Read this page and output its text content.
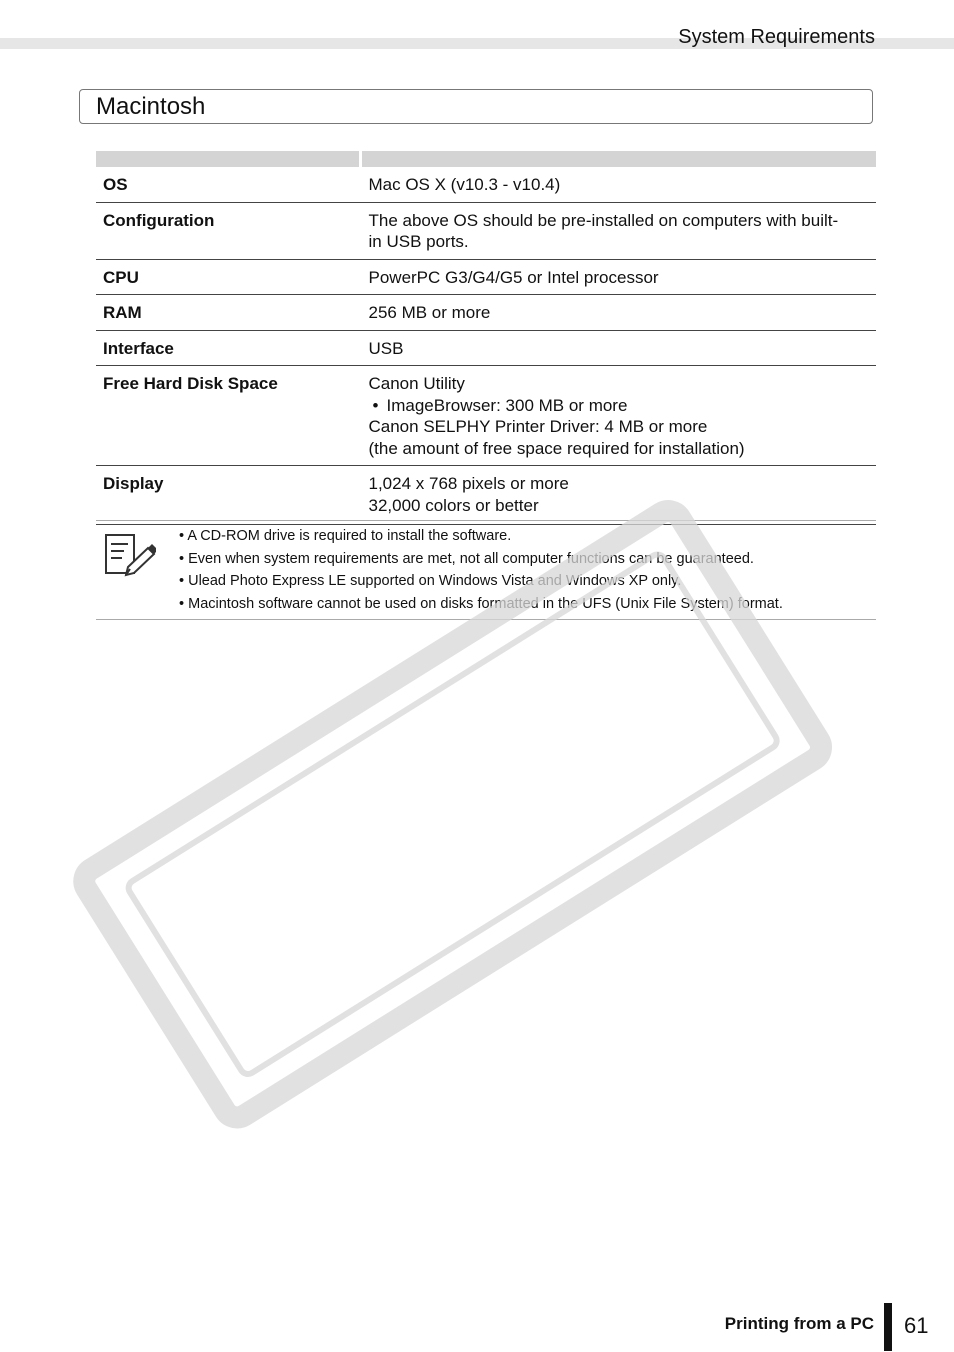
System Requirements
Macintosh

OS	Mac OS X (v10.3 - v10.4)

Configuration	The above OS should be pre-installed on computers with built-
in USB ports.

CPU	PowerPC G3/G4/G5 or Intel processor

RAM	256 MB or more

Interface	USB

Free Hard Disk Space	Canon Utility
• ImageBrowser: 300 MB or more
Canon SELPHY Printer Driver: 4 MB or more
(the amount of free space required for installation)

Display	1,024 x 768 pixels or more
32,000 colors or better
• A CD-ROM drive is required to install the software.
• Even when system requirements are met, not all computer functions can be guaranteed.
• Ulead Photo Express LE supported on Windows Vista and Windows XP only.
• Macintosh software cannot be used on disks formatted in the UFS (Unix File System) format.
Printing from a PC 61
